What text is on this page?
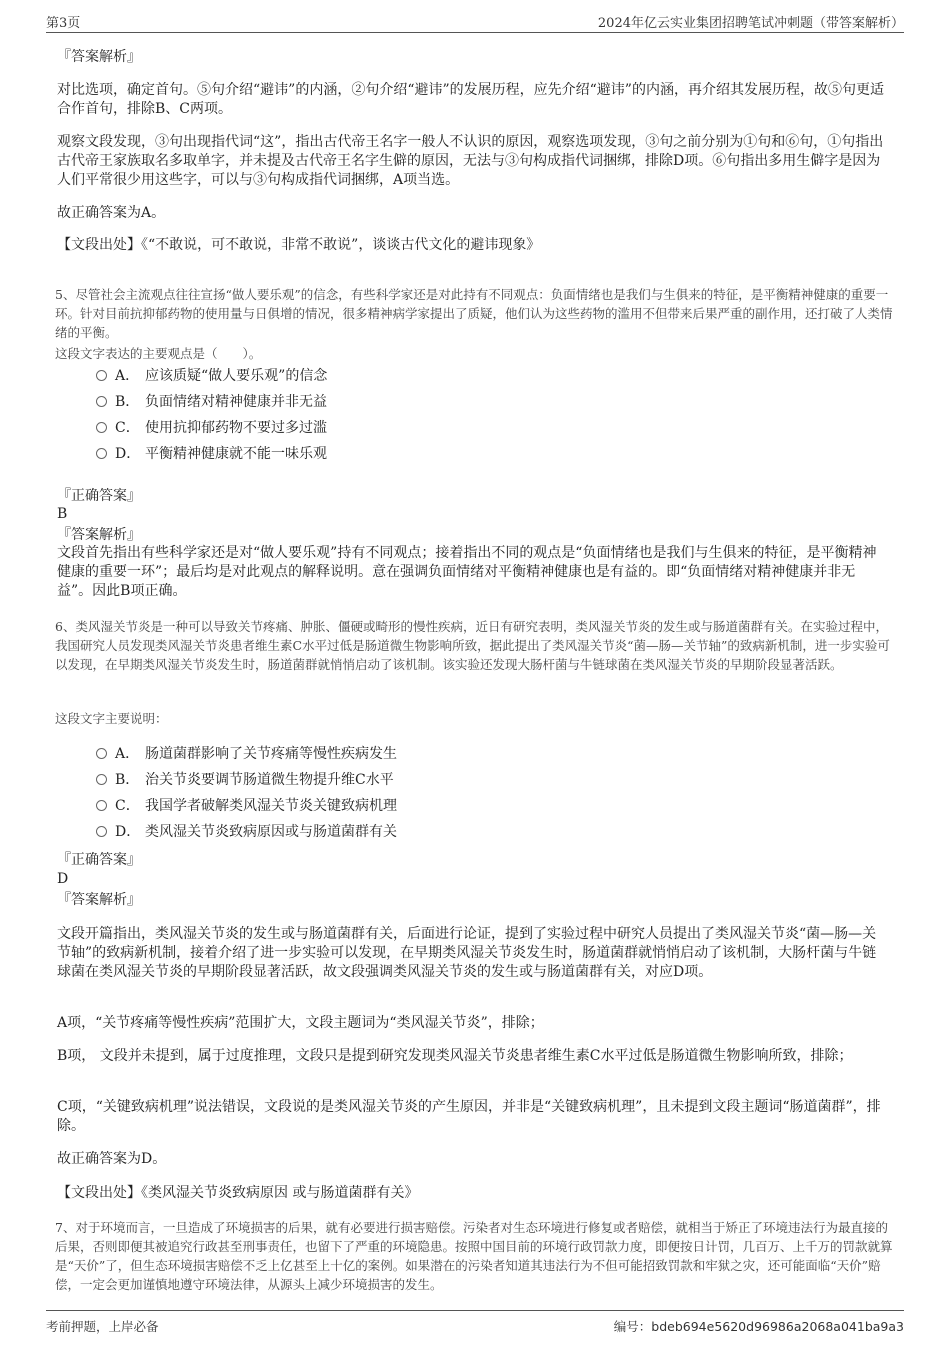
第3页	2024年亿云实业集团招聘笔试冲刺题（带答案解析）

『答案解析』

对比选项，确定首句。⑤句介绍“避讳”的内涵，②句介绍“避讳”的发展历程，应先介绍“避讳”的内涵，再介绍其发展历程，故⑤句更适合作首句，排除B、C两项。

观察文段发现，③句出现指代词“这”，指出古代帝王名字一般人不认识的原因，观察选项发现，③句之前分别为①句和⑥句，①句指出古代帝王家族取名多取单字，并未提及古代帝王名字生僻的原因，无法与③句构成指代词捆绑，排除D项。⑥句指出多用生僻字是因为人们平常很少用这些字，可以与③句构成指代词捆绑，A项当选。

故正确答案为A。

【文段出处】《“不敢说，可不敢说，非常不敢说”，谈谈古代文化的避讳现象》

5、尽管社会主流观点往往宣扬“做人要乐观”的信念，有些科学家还是对此持有不同观点：负面情绪也是我们与生俱来的特征，是平衡精神健康的重要一环。针对目前抗抑郁药物的使用量与日俱增的情况，很多精神病学家提出了质疑，他们认为这些药物的滥用不但带来后果严重的副作用，还打破了人类情绪的平衡。

这段文字表达的主要观点是（　　）。

A． 应该质疑“做人要乐观”的信念
B． 负面情绪对精神健康并非无益
C． 使用抗抑郁药物不要过多过滥
D． 平衡精神健康就不能一味乐观

『正确答案』

B

『答案解析』

文段首先指出有些科学家还是对“做人要乐观”持有不同观点；接着指出不同的观点是“负面情绪也是我们与生俱来的特征，是平衡精神健康的重要一环”；最后均是对此观点的解释说明。意在强调负面情绪对平衡精神健康也是有益的。即“负面情绪对精神健康并非无益”。因此B项正确。

6、类风湿关节炎是一种可以导致关节疼痛、肿胀、僵硬或畸形的慢性疾病，近日有研究表明，类风湿关节炎的发生或与肠道菌群有关。在实验过程中，我国研究人员发现类风湿关节炎患者维生素C水平过低是肠道微生物影响所致，据此提出了类风湿关节炎“菌—肠—关节轴”的致病新机制，进一步实验可以发现，在早期类风湿关节炎发生时，肠道菌群就悄悄启动了该机制。该实验还发现大肠杆菌与牛链球菌在类风湿关节炎的早期阶段显著活跃。

这段文字主要说明：

A． 肠道菌群影响了关节疼痛等慢性疾病发生
B． 治关节炎要调节肠道微生物提升维C水平
C． 我国学者破解类风湿关节炎关键致病机理
D． 类风湿关节炎致病原因或与肠道菌群有关

『正确答案』

D

『答案解析』

文段开篇指出，类风湿关节炎的发生或与肠道菌群有关，后面进行论证，提到了实验过程中研究人员提出了类风湿关节炎“菌—肠—关节轴”的致病新机制，接着介绍了进一步实验可以发现，在早期类风湿关节炎发生时，肠道菌群就悄悄启动了该机制，大肠杆菌与牛链球菌在类风湿关节炎的早期阶段显著活跃，故文段强调类风湿关节炎的发生或与肠道菌群有关，对应D项。

A项，“关节疼痛等慢性疾病”范围扩大，文段主题词为“类风湿关节炎”，排除；

B项， 文段并未提到，属于过度推理，文段只是提到研究发现类风湿关节炎患者维生素C水平过低是肠道微生物影响所致，排除；

C项，“关键致病机理”说法错误，文段说的是类风湿关节炎的产生原因，并非是“关键致病机理”，且未提到文段主题词“肠道菌群”，排除。

故正确答案为D。

【文段出处】《类风湿关节炎致病原因 或与肠道菌群有关》

7、对于环境而言，一旦造成了环境损害的后果，就有必要进行损害赔偿。污染者对生态环境进行修复或者赔偿，就相当于矫正了环境违法行为最直接的后果，否则即便其被追究行政甚至刑事责任，也留下了严重的环境隐患。按照中国目前的环境行政罚款力度，即便按日计罚，几百万、上千万的罚款就算是“天价”了，但生态环境损害赔偿不乏上亿甚至上十亿的案例。如果潜在的污染者知道其违法行为不但可能招致罚款和牢狱之灾，还可能面临“天价”赔偿，一定会更加谨慎地遵守环境法律，从源头上减少环境损害的发生。

考前押题，上岸必备	编号：bdeb694e5620d96986a2068a041ba9a3
